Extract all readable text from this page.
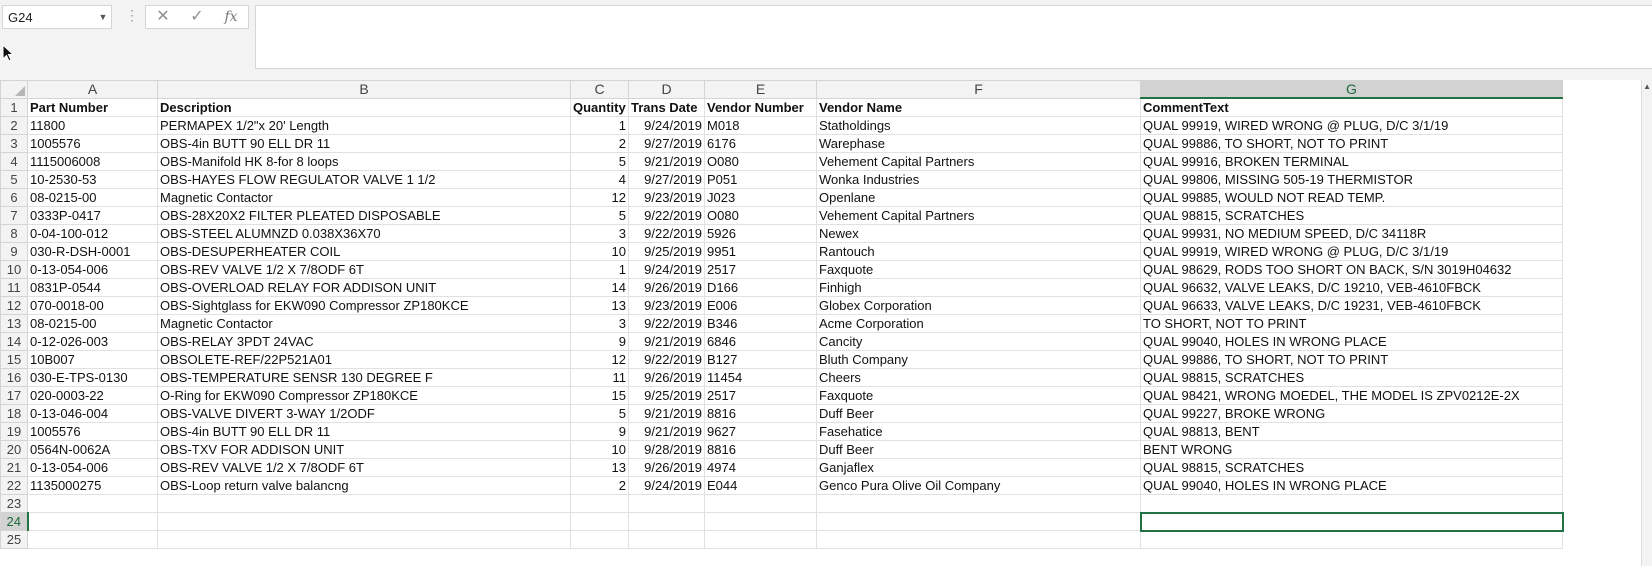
G24	▼ ⋮	✕	✓	fx
	A	B	C	D	E	F	G
1	Part Number	Description	Quantity	Trans Date	Vendor Number	Vendor Name	CommentText
2	11800	PERMAPEX 1/2"x 20' Length	1	9/24/2019	M018	Statholdings	QUAL 99919, WIRED WRONG @ PLUG, D/C 3/1/19
3	1005576	OBS-4in BUTT 90 ELL DR 11	2	9/27/2019	6176	Warephase	QUAL 99886, TO SHORT, NOT TO PRINT
4	1115006008	OBS-Manifold HK 8-for 8 loops	5	9/21/2019	O080	Vehement Capital Partners	QUAL 99916, BROKEN TERMINAL
5	10-2530-53	OBS-HAYES FLOW REGULATOR VALVE 1 1/2	4	9/27/2019	P051	Wonka Industries	QUAL 99806, MISSING 505-19 THERMISTOR
6	08-0215-00	Magnetic Contactor	12	9/23/2019	J023	Openlane	QUAL 99885, WOULD NOT READ TEMP.
7	0333P-0417	OBS-28X20X2 FILTER PLEATED DISPOSABLE	5	9/22/2019	O080	Vehement Capital Partners	QUAL 98815, SCRATCHES
8	0-04-100-012	OBS-STEEL ALUMNZD 0.038X36X70	3	9/22/2019	5926	Newex	QUAL 99931, NO MEDIUM SPEED, D/C 34118R
9	030-R-DSH-0001	OBS-DESUPERHEATER COIL	10	9/25/2019	9951	Rantouch	QUAL 99919, WIRED WRONG @ PLUG, D/C 3/1/19
10	0-13-054-006	OBS-REV VALVE 1/2 X 7/8ODF 6T	1	9/24/2019	2517	Faxquote	QUAL 98629, RODS TOO SHORT ON BACK, S/N 3019H04632
11	0831P-0544	OBS-OVERLOAD RELAY FOR ADDISON UNIT	14	9/26/2019	D166	Finhigh	QUAL 96632, VALVE LEAKS, D/C 19210, VEB-4610FBCK
12	070-0018-00	OBS-Sightglass for EKW090 Compressor ZP180KCE	13	9/23/2019	E006	Globex Corporation	QUAL 96633, VALVE LEAKS, D/C 19231, VEB-4610FBCK
13	08-0215-00	Magnetic Contactor	3	9/22/2019	B346	Acme Corporation	TO SHORT, NOT TO PRINT
14	0-12-026-003	OBS-RELAY 3PDT 24VAC	9	9/21/2019	6846	Cancity	QUAL 99040, HOLES IN WRONG PLACE
15	10B007	OBSOLETE-REF/22P521A01	12	9/22/2019	B127	Bluth Company	QUAL 99886, TO SHORT, NOT TO PRINT
16	030-E-TPS-0130	OBS-TEMPERATURE SENSR 130 DEGREE F	11	9/26/2019	11454	Cheers	QUAL 98815, SCRATCHES
17	020-0003-22	O-Ring for EKW090 Compressor ZP180KCE	15	9/25/2019	2517	Faxquote	QUAL 98421, WRONG MOEDEL, THE MODEL IS ZPV0212E-2X
18	0-13-046-004	OBS-VALVE DIVERT 3-WAY 1/2ODF	5	9/21/2019	8816	Duff Beer	QUAL 99227, BROKE WRONG
19	1005576	OBS-4in BUTT 90 ELL DR 11	9	9/21/2019	9627	Fasehatice	QUAL 98813, BENT
20	0564N-0062A	OBS-TXV FOR ADDISON UNIT	10	9/28/2019	8816	Duff Beer	BENT WRONG
21	0-13-054-006	OBS-REV VALVE 1/2 X 7/8ODF 6T	13	9/26/2019	4974	Ganjaflex	QUAL 98815, SCRATCHES
22	1135000275	OBS-Loop return valve balancng	2	9/24/2019	E044	Genco Pura Olive Oil Company	QUAL 99040, HOLES IN WRONG PLACE
23							
24							
25							
▲
